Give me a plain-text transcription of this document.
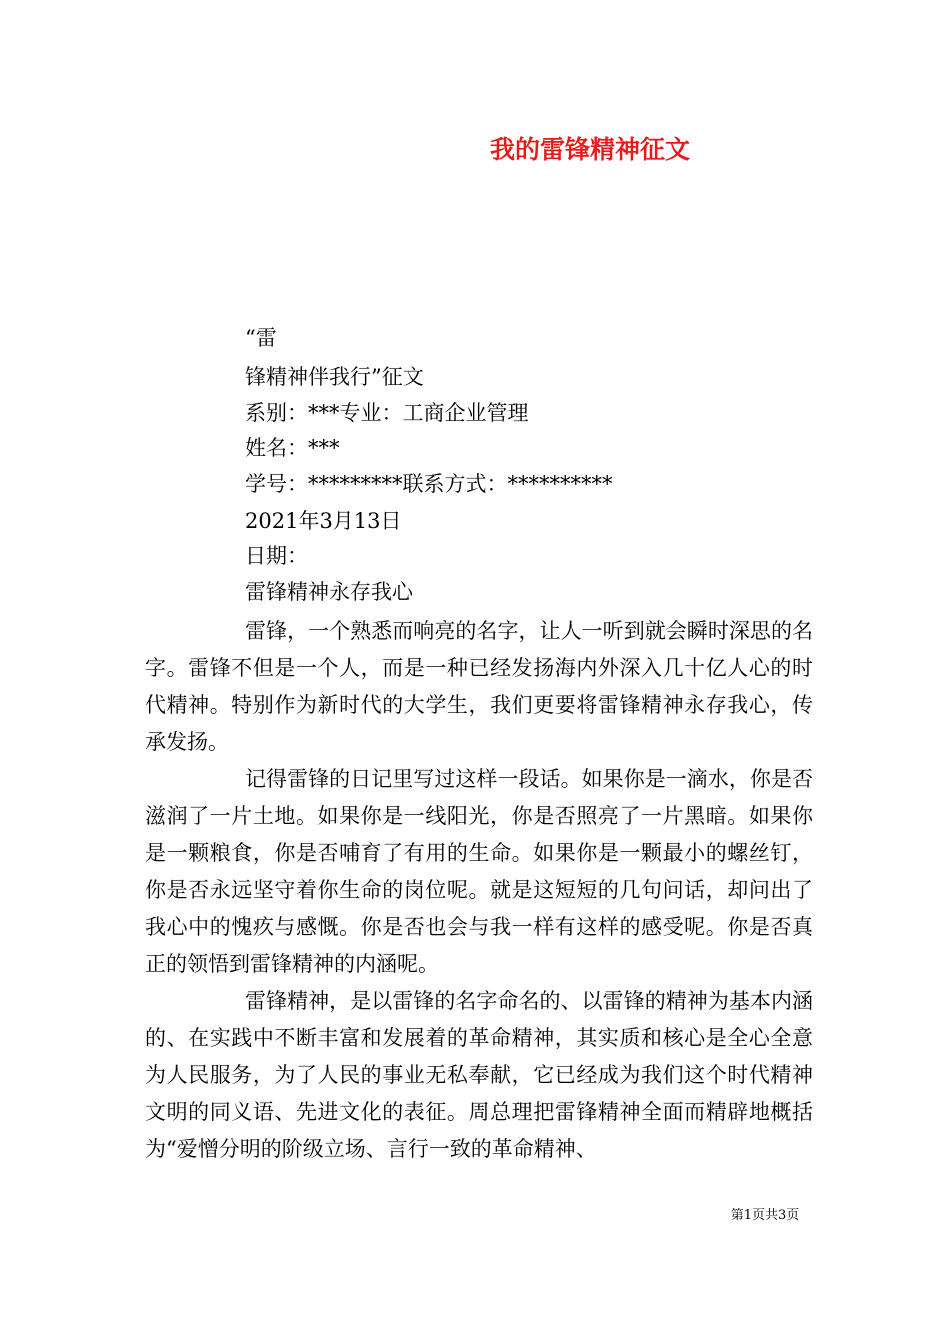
我的雷锋精神征文
“雷
锋精神伴我行”征文
系别：***专业：工商企业管理
姓名：***
学号：*********联系方式：**********
2021年3月13日
日期：
雷锋精神永存我心

雷锋，一个熟悉而响亮的名字，让人一听到就会瞬时深思的名字。雷锋不但是一个人，而是一种已经发扬海内外深入几十亿人心的时代精神。特别作为新时代的大学生，我们更要将雷锋精神永存我心，传承发扬。

记得雷锋的日记里写过这样一段话。如果你是一滴水，你是否滋润了一片土地。如果你是一线阳光，你是否照亮了一片黑暗。如果你是一颗粮食，你是否哺育了有用的生命。如果你是一颗最小的螺丝钉，你是否永远坚守着你生命的岗位呢。就是这短短的几句问话，却问出了我心中的愧疚与感慨。你是否也会与我一样有这样的感受呢。你是否真正的领悟到雷锋精神的内涵呢。

雷锋精神，是以雷锋的名字命名的、以雷锋的精神为基本内涵的、在实践中不断丰富和发展着的革命精神，其实质和核心是全心全意为人民服务，为了人民的事业无私奉献，它已经成为我们这个时代精神文明的同义语、先进文化的表征。周总理把雷锋精神全面而精辟地概括为“爱憎分明的阶级立场、言行一致的革命精神、

第1页共3页
